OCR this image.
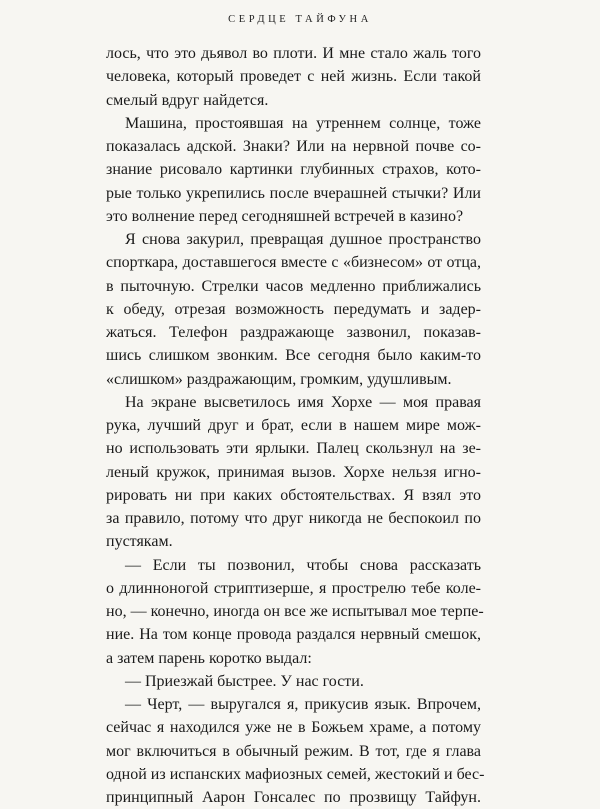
СЕРДЦЕ ТАЙФУНА
лось, что это дьявол во плоти. И мне стало жаль того
человека, который проведет с ней жизнь. Если такой
смелый вдруг найдется.
Машина, простоявшая на утреннем солнце, тоже
показалась адской. Знаки? Или на нервной почве со-
знание рисовало картинки глубинных страхов, кото-
рые только укрепились после вчерашней стычки? Или
это волнение перед сегодняшней встречей в казино?
Я снова закурил, превращая душное пространство
спорткара, доставшегося вместе с «бизнесом» от отца,
в пыточную. Стрелки часов медленно приближались
к обеду, отрезая возможность передумать и задер-
жаться. Телефон раздражающе зазвонил, показав-
шись слишком звонким. Все сегодня было каким-то
«слишком» раздражающим, громким, удушливым.
На экране высветилось имя Хорхе — моя правая
рука, лучший друг и брат, если в нашем мире мож-
но использовать эти ярлыки. Палец скользнул на зе-
леный кружок, принимая вызов. Хорхе нельзя игно-
рировать ни при каких обстоятельствах. Я взял это
за правило, потому что друг никогда не беспокоил по
пустякам.
— Если ты позвонил, чтобы снова рассказать
о длинноногой стриптизерше, я прострелю тебе коле-
но, — конечно, иногда он все же испытывал мое терпе-
ние. На том конце провода раздался нервный смешок,
а затем парень коротко выдал:
— Приезжай быстрее. У нас гости.
— Черт, — выругался я, прикусив язык. Впрочем,
сейчас я находился уже не в Божьем храме, а потому
мог включиться в обычный режим. В тот, где я глава
одной из испанских мафиозных семей, жестокий и бес-
принципный Аарон Гонсалес по прозвищу Тайфун.
